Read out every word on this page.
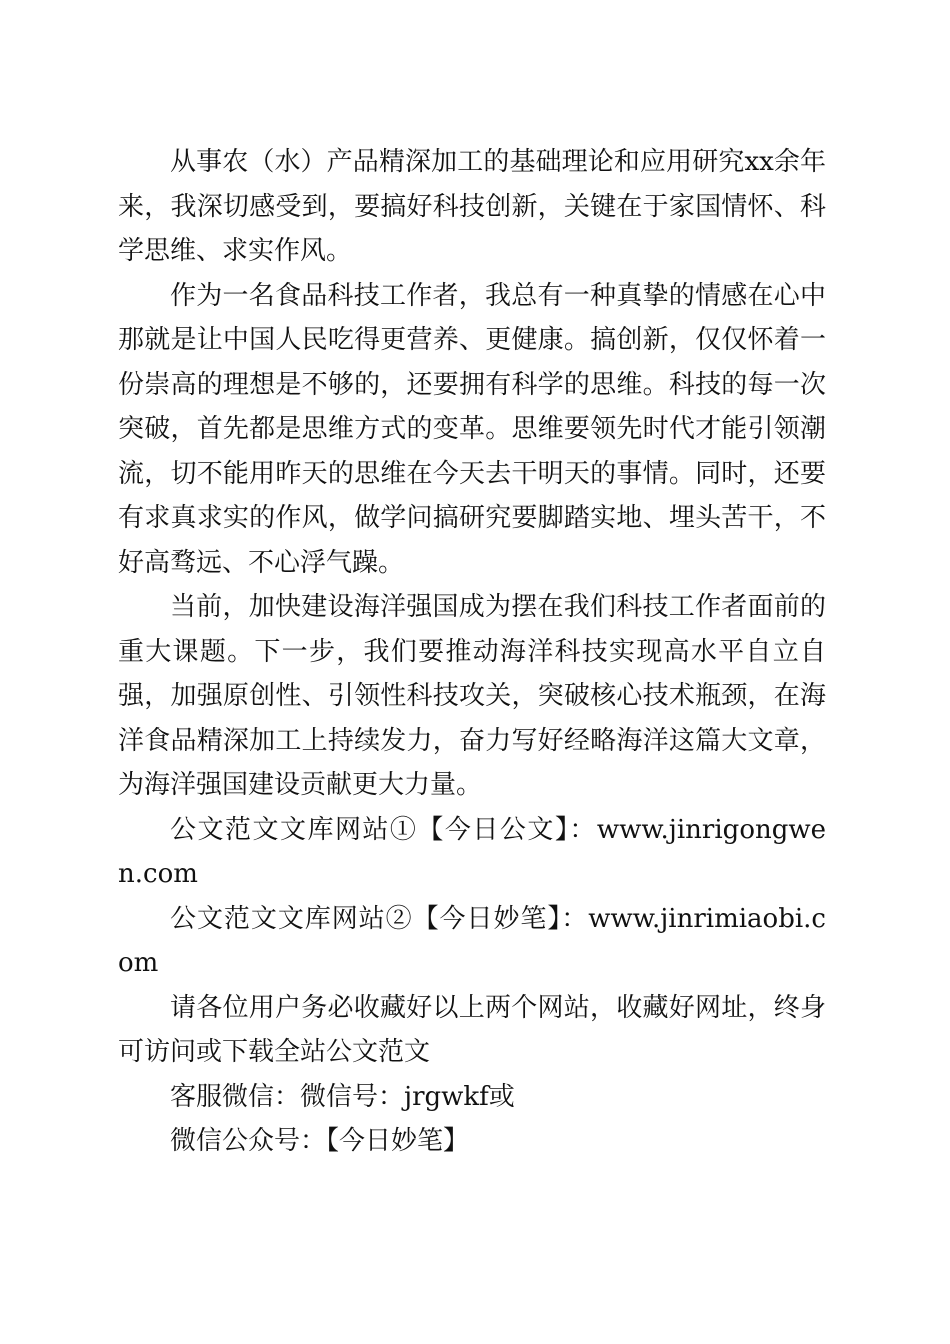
从事农（水）产品精深加工的基础理论和应用研究xx余年来，我深切感受到，要搞好科技创新，关键在于家国情怀、科学思维、求实作风。

作为一名食品科技工作者，我总有一种真挚的情感在心中那就是让中国人民吃得更营养、更健康。搞创新，仅仅怀着一份崇高的理想是不够的，还要拥有科学的思维。科技的每一次突破，首先都是思维方式的变革。思维要领先时代才能引领潮流，切不能用昨天的思维在今天去干明天的事情。同时，还要有求真求实的作风，做学问搞研究要脚踏实地、埋头苦干，不好高骛远、不心浮气躁。

当前，加快建设海洋强国成为摆在我们科技工作者面前的重大课题。下一步，我们要推动海洋科技实现高水平自立自强，加强原创性、引领性科技攻关，突破核心技术瓶颈，在海洋食品精深加工上持续发力，奋力写好经略海洋这篇大文章，为海洋强国建设贡献更大力量。

公文范文文库网站①【今日公文】：www.jinrigongwen.com

公文范文文库网站②【今日妙笔】：www.jinrimiaobi.com

请各位用户务必收藏好以上两个网站，收藏好网址，终身可访问或下载全站公文范文

客服微信：微信号：jrgwkf或

微信公众号：【今日妙笔】
